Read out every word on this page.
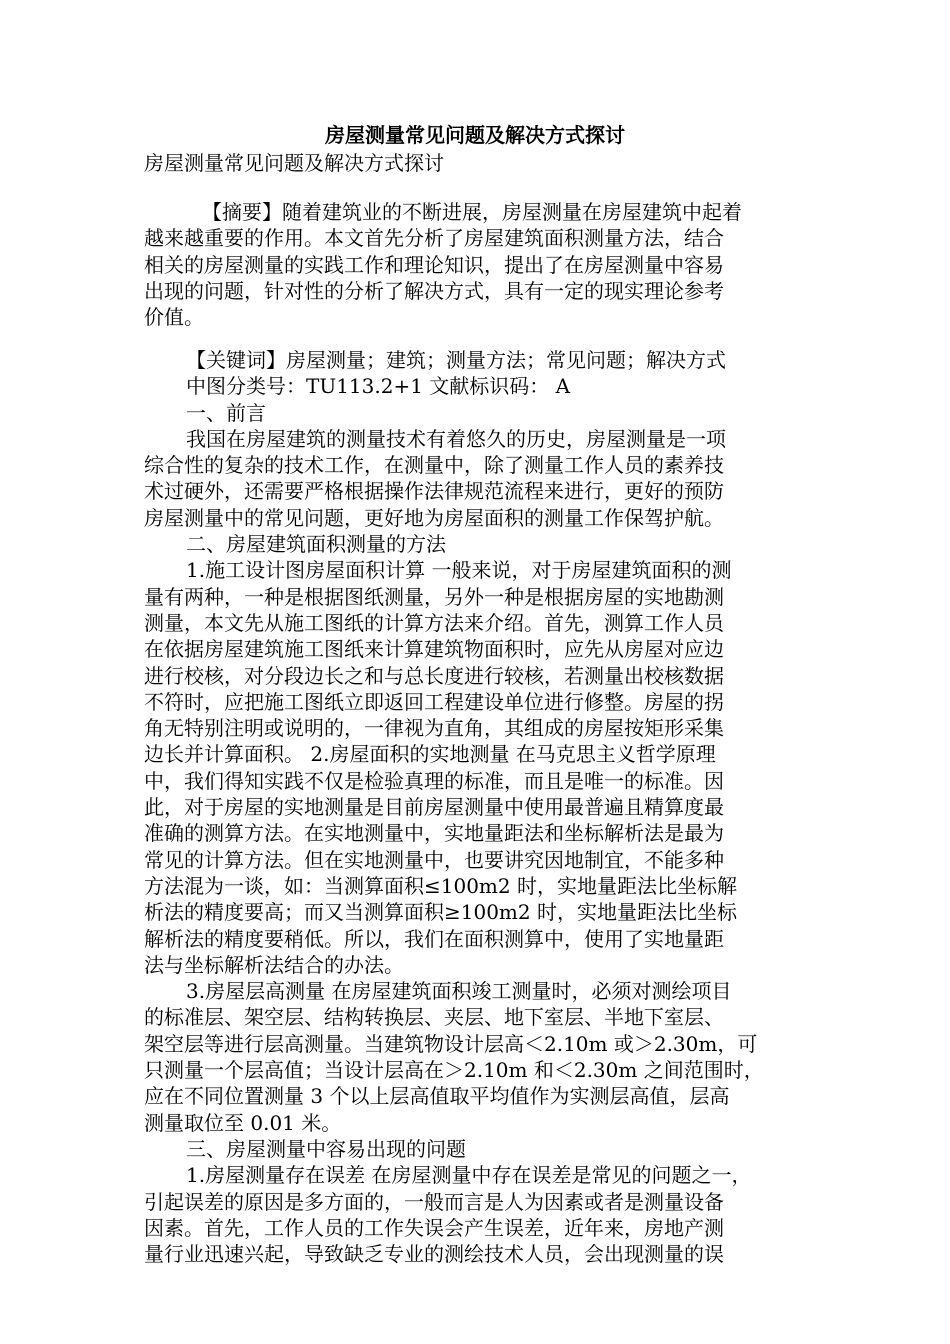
房屋测量常见问题及解决方式探讨
房屋测量常见问题及解决方式探讨
【摘要】随着建筑业的不断进展，房屋测量在房屋建筑中起着
越来越重要的作用。本文首先分析了房屋建筑面积测量方法，结合
相关的房屋测量的实践工作和理论知识，提出了在房屋测量中容易
出现的问题，针对性的分析了解决方式，具有一定的现实理论参考
价值。
【关键词】房屋测量；建筑；测量方法；常见问题；解决方式
中图分类号：TU113.2+1 文献标识码： A
一、前言
我国在房屋建筑的测量技术有着悠久的历史，房屋测量是一项
综合性的复杂的技术工作，在测量中，除了测量工作人员的素养技
术过硬外，还需要严格根据操作法律规范流程来进行，更好的预防
房屋测量中的常见问题，更好地为房屋面积的测量工作保驾护航。
二、房屋建筑面积测量的方法
1.施工设计图房屋面积计算 一般来说，对于房屋建筑面积的测
量有两种，一种是根据图纸测量，另外一种是根据房屋的实地勘测
测量，本文先从施工图纸的计算方法来介绍。首先，测算工作人员
在依据房屋建筑施工图纸来计算建筑物面积时，应先从房屋对应边
进行校核，对分段边长之和与总长度进行较核，若测量出校核数据
不符时，应把施工图纸立即返回工程建设单位进行修整。房屋的拐
角无特别注明或说明的，一律视为直角，其组成的房屋按矩形采集
边长并计算面积。 2.房屋面积的实地测量 在马克思主义哲学原理
中，我们得知实践不仅是检验真理的标准，而且是唯一的标准。因
此，对于房屋的实地测量是目前房屋测量中使用最普遍且精算度最
准确的测算方法。在实地测量中，实地量距法和坐标解析法是最为
常见的计算方法。但在实地测量中，也要讲究因地制宜，不能多种
方法混为一谈，如：当测算面积≤100m2 时，实地量距法比坐标解
析法的精度要高；而又当测算面积≥100m2 时，实地量距法比坐标
解析法的精度要稍低。所以，我们在面积测算中，使用了实地量距
法与坐标解析法结合的办法。
3.房屋层高测量 在房屋建筑面积竣工测量时，必须对测绘项目
的标准层、架空层、结构转换层、夹层、地下室层、半地下室层、
架空层等进行层高测量。当建筑物设计层高＜2.10m 或＞2.30m，可
只测量一个层高值；当设计层高在＞2.10m 和＜2.30m 之间范围时，
应在不同位置测量 3 个以上层高值取平均值作为实测层高值，层高
测量取位至 0.01 米。
三、房屋测量中容易出现的问题
1.房屋测量存在误差 在房屋测量中存在误差是常见的问题之一，
引起误差的原因是多方面的，一般而言是人为因素或者是测量设备
因素。首先，工作人员的工作失误会产生误差，近年来，房地产测
量行业迅速兴起，导致缺乏专业的测绘技术人员，会出现测量的误
